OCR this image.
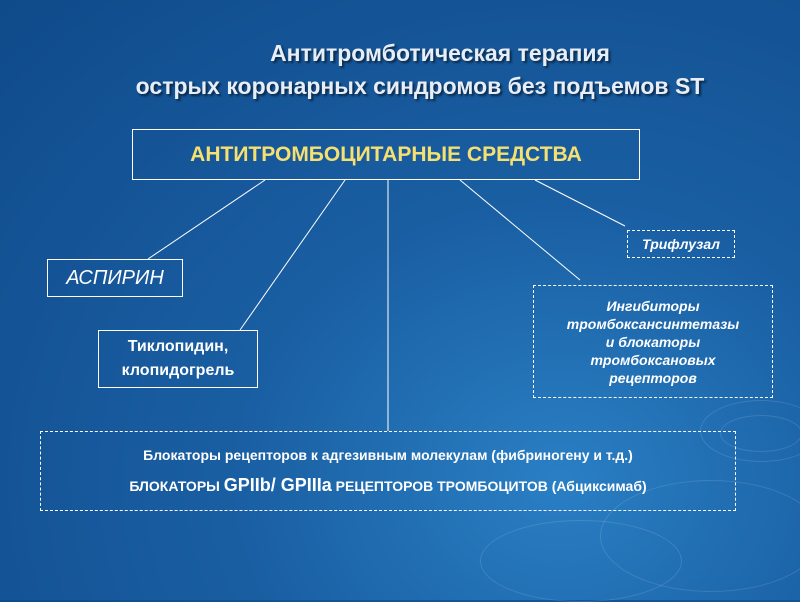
Антитромботическая терапия
острых коронарных синдромов без подъемов ST
АНТИТРОМБОЦИТАРНЫЕ СРЕДСТВА
АСПИРИН
Тиклопидин,
клопидогрель
Трифлузал
Ингибиторы
тромбоксансинтетазы
и блокаторы
тромбоксановых
рецепторов
Блокаторы рецепторов к адгезивным молекулам (фибриногену и т.д.)
БЛОКАТОРЫ GPIIb/ GPIIIa РЕЦЕПТОРОВ ТРОМБОЦИТОВ (Абциксимаб)
